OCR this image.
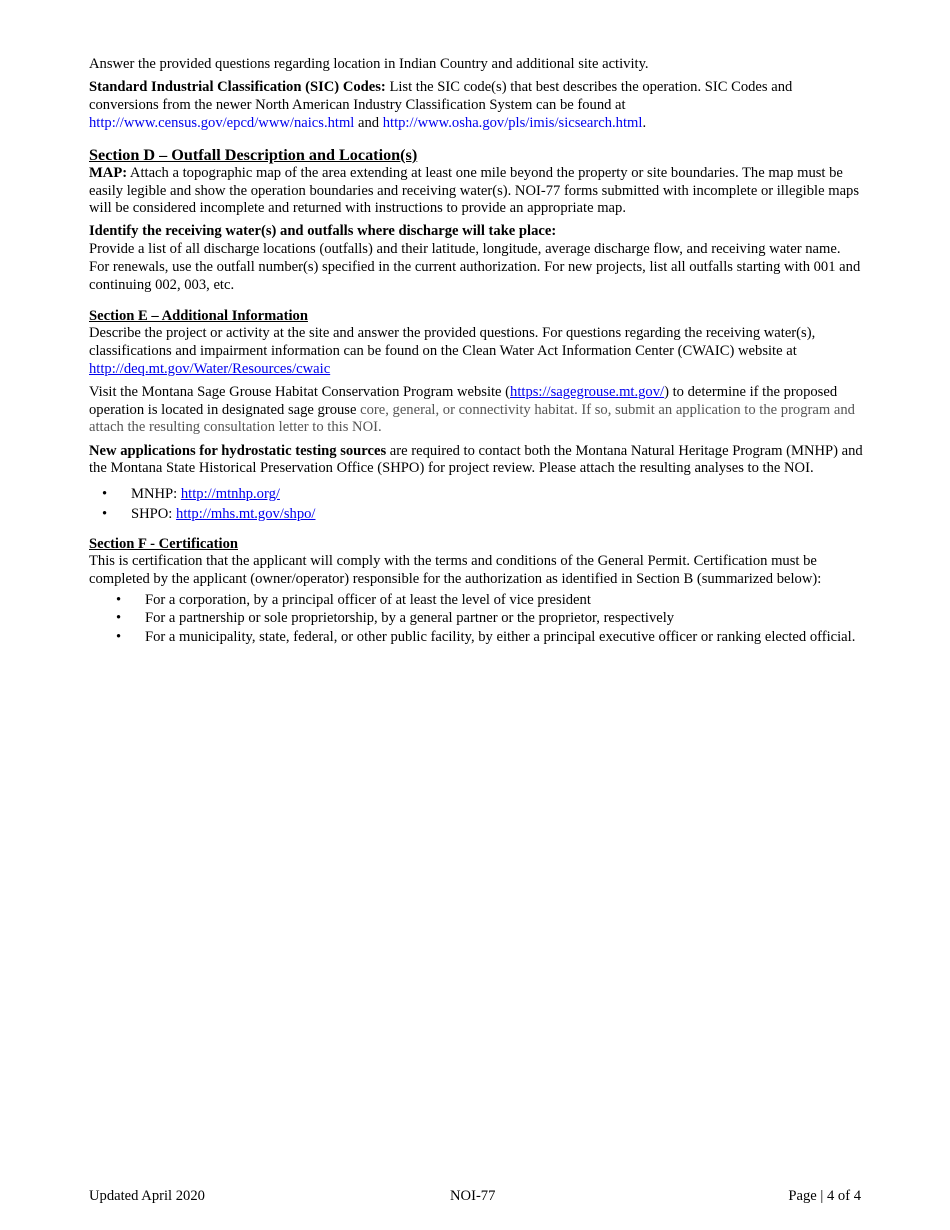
Answer the provided questions regarding location in Indian Country and additional site activity.

Standard Industrial Classification (SIC) Codes: List the SIC code(s) that best describes the operation. SIC Codes and conversions from the newer North American Industry Classification System can be found at http://www.census.gov/epcd/www/naics.html and http://www.osha.gov/pls/imis/sicsearch.html.

Section D – Outfall Description and Location(s)

MAP: Attach a topographic map of the area extending at least one mile beyond the property or site boundaries. The map must be easily legible and show the operation boundaries and receiving water(s). NOI-77 forms submitted with incomplete or illegible maps will be considered incomplete and returned with instructions to provide an appropriate map.

Identify the receiving water(s) and outfalls where discharge will take place:

Provide a list of all discharge locations (outfalls) and their latitude, longitude, average discharge flow, and receiving water name. For renewals, use the outfall number(s) specified in the current authorization. For new projects, list all outfalls starting with 001 and continuing 002, 003, etc.

Section E – Additional Information

Describe the project or activity at the site and answer the provided questions. For questions regarding the receiving water(s), classifications and impairment information can be found on the Clean Water Act Information Center (CWAIC) website at http://deq.mt.gov/Water/Resources/cwaic

Visit the Montana Sage Grouse Habitat Conservation Program website (https://sagegrouse.mt.gov/) to determine if the proposed operation is located in designated sage grouse core, general, or connectivity habitat. If so, submit an application to the program and attach the resulting consultation letter to this NOI.

New applications for hydrostatic testing sources are required to contact both the Montana Natural Heritage Program (MNHP) and the Montana State Historical Preservation Office (SHPO) for project review. Please attach the resulting analyses to the NOI.

• MNHP: http://mtnhp.org/
• SHPO: http://mhs.mt.gov/shpo/
Section F - Certification

This is certification that the applicant will comply with the terms and conditions of the General Permit. Certification must be completed by the applicant (owner/operator) responsible for the authorization as identified in Section B (summarized below):

• For a corporation, by a principal officer of at least the level of vice president
• For a partnership or sole proprietorship, by a general partner or the proprietor, respectively
• For a municipality, state, federal, or other public facility, by either a principal executive officer or ranking elected official.
Updated April 2020	NOI-77	Page | 4 of 4
